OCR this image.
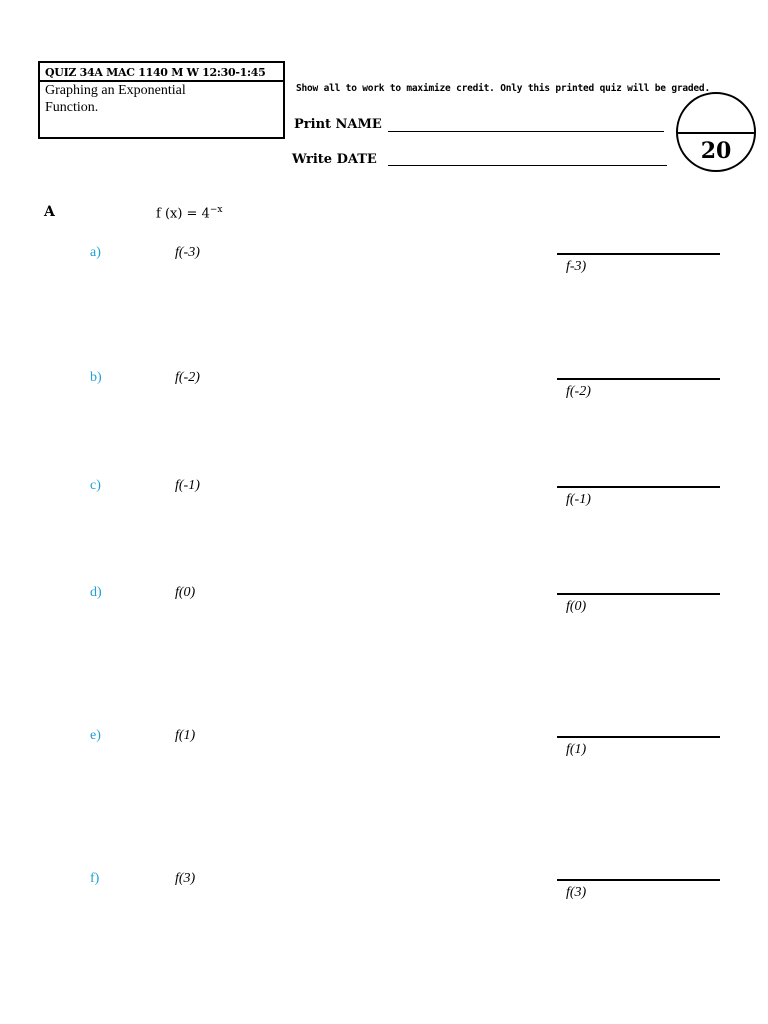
QUIZ 34A MAC 1140 M W 12:30-1:45
Graphing an Exponential
Function.
Show all to work to maximize credit. Only this printed quiz will be graded.
Print NAME
Write DATE	20
A	f $(x) = 4^{-x}$
a)	f(-3)
f-3)
b)	f(-2)
f(-2)
c)	f(-1)
f(-1)
d)	f(0)
f(0)
e)	f(1)
f(1)
f)	f(3)
f(3)
